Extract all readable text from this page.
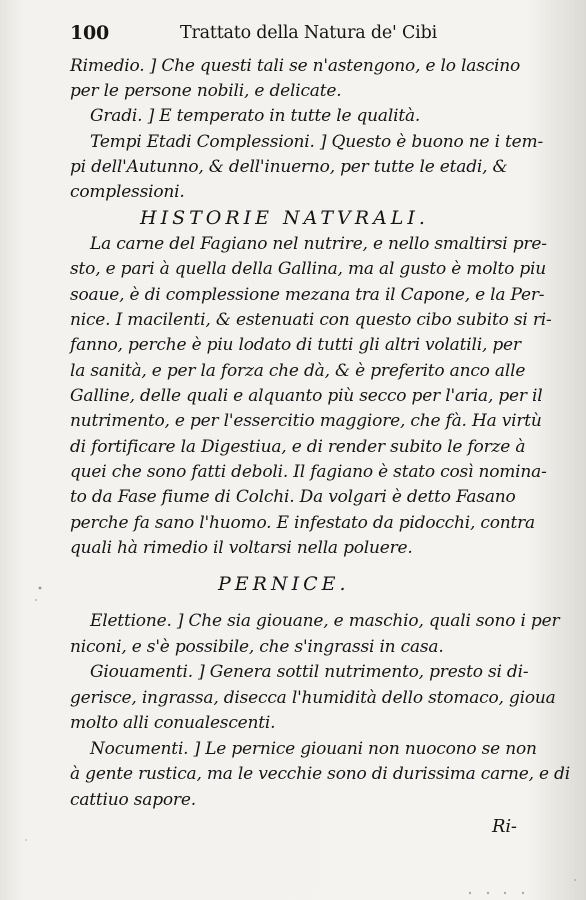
100	Trattato della Natura de' Cibi
Rimedio. ] Che questi tali se n'astengono, e lo lascino
per le persone nobili, e delicate.
Gradi. ] E temperato in tutte le qualità.
Tempi Etadi Complessioni. ] Questo è buono ne i tem-
pi dell'Autunno, & dell'inuerno, per tutte le etadi, &
complessioni.
HISTORIE NATVRALI.
La carne del Fagiano nel nutrire, e nello smaltirsi pre-
sto, e pari à quella della Gallina, ma al gusto è molto piu
soaue, è di complessione mezana tra il Capone, e la Per-
nice. I macilenti, & estenuati con questo cibo subito si ri-
fanno, perche è piu lodato di tutti gli altri volatili, per
la sanità, e per la forza che dà, & è preferito anco alle
Galline, delle quali e alquanto più secco per l'aria, per il
nutrimento, e per l'essercitio maggiore, che fà. Ha virtù
di fortificare la Digestiua, e di render subito le forze à
quei che sono fatti deboli. Il fagiano è stato così nomina-
to da Fase fiume di Colchi. Da volgari è detto Fasano
perche fa sano l'huomo. E infestato da pidocchi, contra
quali hà rimedio il voltarsi nella poluere.
PERNICE.
Elettione. ] Che sia giouane, e maschio, quali sono i per
niconi, e s'è possibile, che s'ingrassi in casa.
Giouamenti. ] Genera sottil nutrimento, presto si di-
gerisce, ingrassa, disecca l'humidità dello stomaco, gioua
molto alli conualescenti.
Nocumenti. ] Le pernice giouani non nuocono se non
à gente rustica, ma le vecchie sono di durissima carne, e di
cattiuo sapore.
Ri-
